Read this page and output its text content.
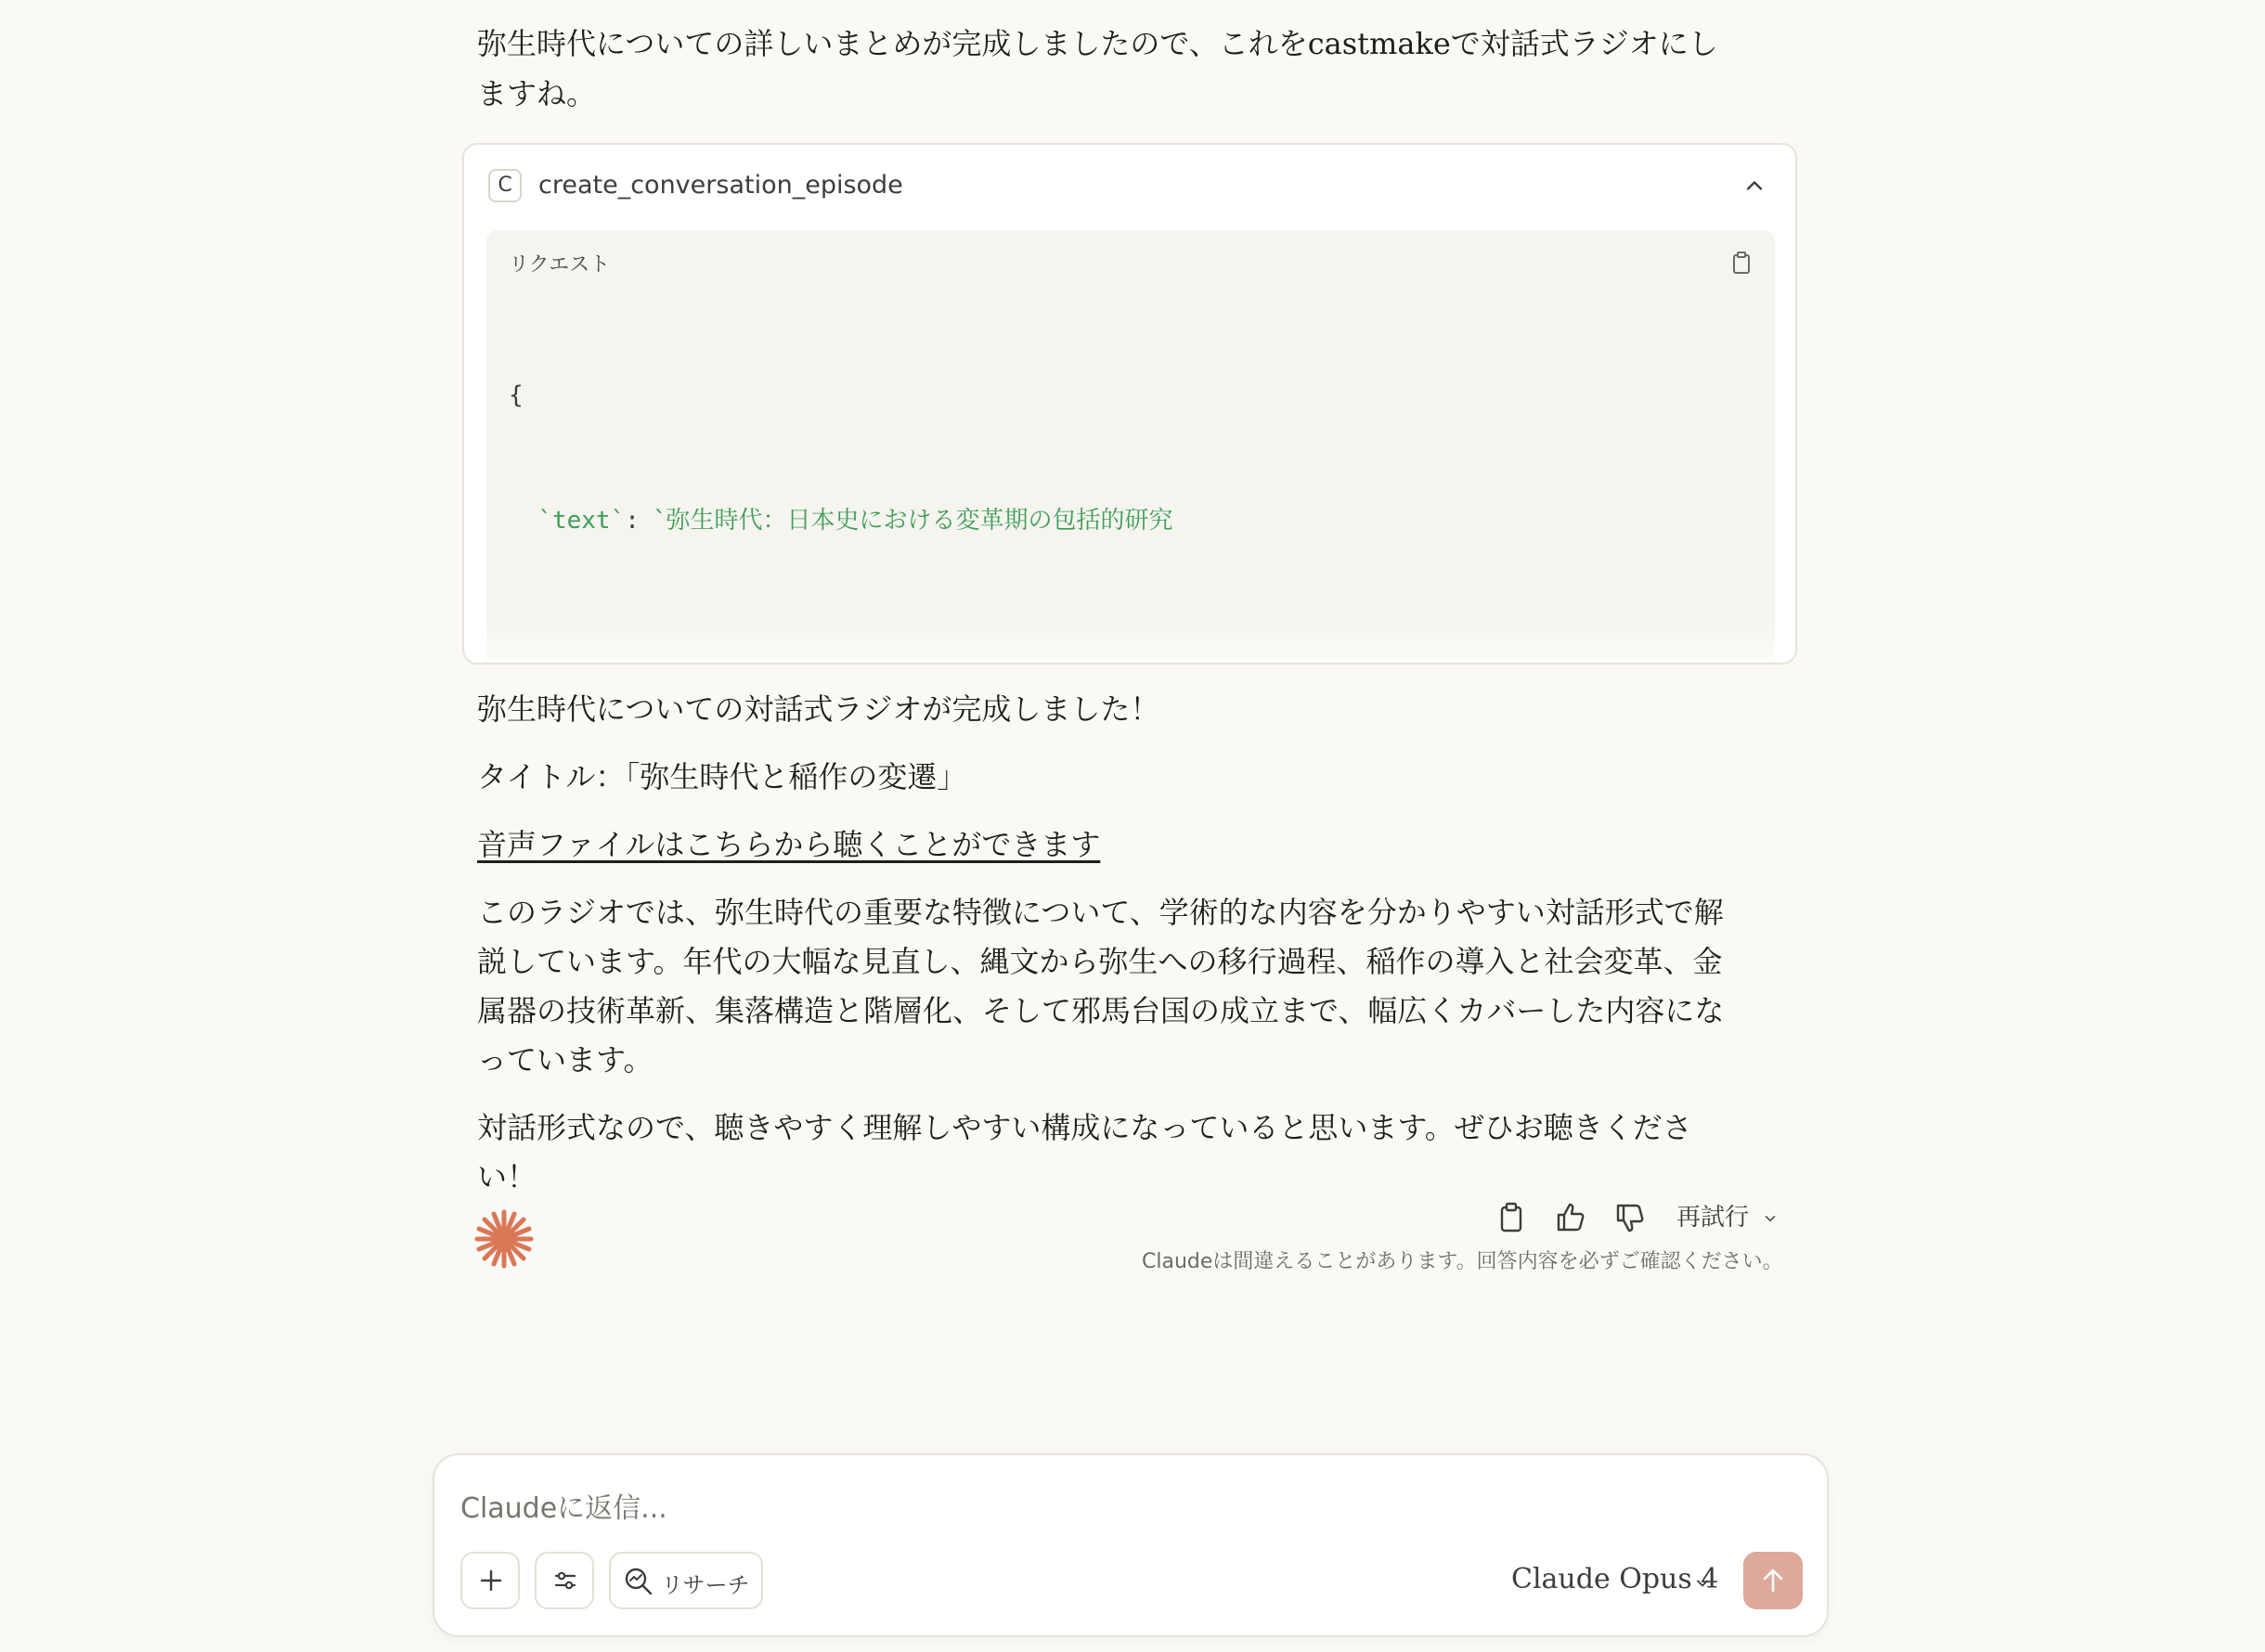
弥生時代についての詳しいまとめが完成しましたので、これをcastmakeで対話式ラジオにしますね。
C	create_conversation_episode
リクエスト

{

`text`: `弥生時代：日本史における変革期の包括的研究

弥生時代についての対話式ラジオが完成しました！

タイトル：「弥生時代と稲作の変遷」

音声ファイルはこちらから聴くことができます

このラジオでは、弥生時代の重要な特徴について、学術的な内容を分かりやすい対話形式で解説しています。年代の大幅な見直し、縄文から弥生への移行過程、稲作の導入と社会変革、金属器の技術革新、集落構造と階層化、そして邪馬台国の成立まで、幅広くカバーした内容になっています。

対話形式なので、聴きやすく理解しやすい構成になっていると思います。ぜひお聴きください！

再試行
Claudeは間違えることがあります。回答内容を必ずご確認ください。
Claudeに返信...
リサーチ	Claude Opus 4
